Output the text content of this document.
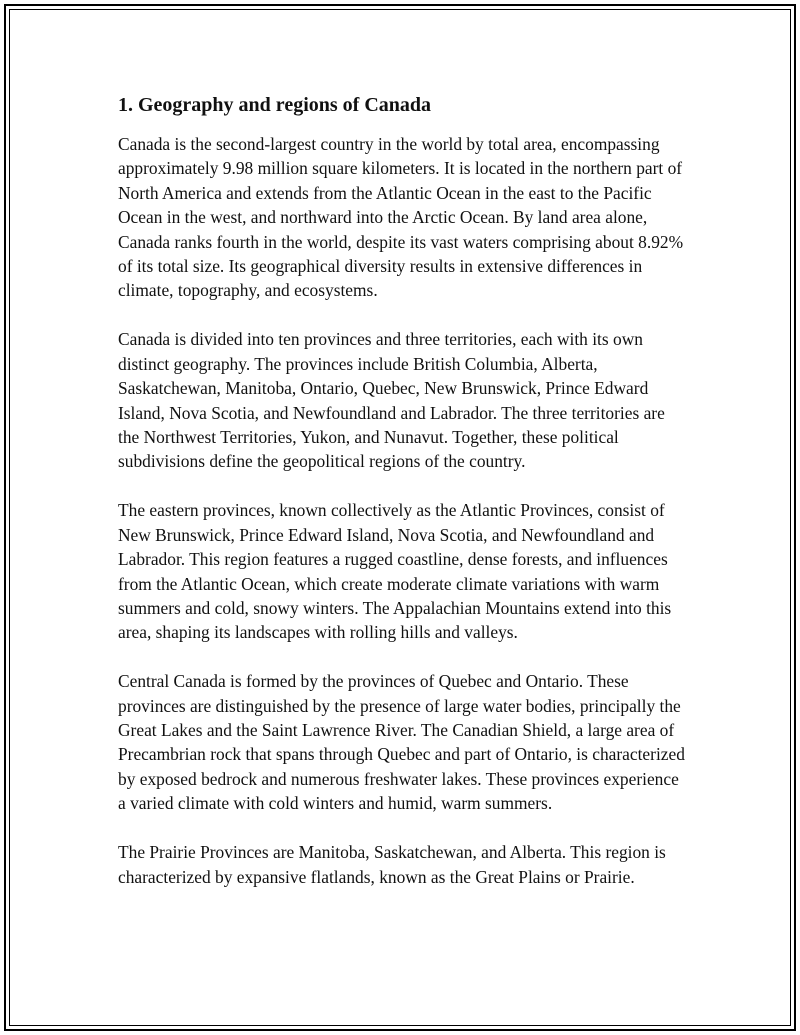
1. Geography and regions of Canada

Canada is the second-largest country in the world by total area, encompassing approximately 9.98 million square kilometers. It is located in the northern part of North America and extends from the Atlantic Ocean in the east to the Pacific Ocean in the west, and northward into the Arctic Ocean. By land area alone, Canada ranks fourth in the world, despite its vast waters comprising about 8.92% of its total size. Its geographical diversity results in extensive differences in climate, topography, and ecosystems.

Canada is divided into ten provinces and three territories, each with its own distinct geography. The provinces include British Columbia, Alberta, Saskatchewan, Manitoba, Ontario, Quebec, New Brunswick, Prince Edward Island, Nova Scotia, and Newfoundland and Labrador. The three territories are the Northwest Territories, Yukon, and Nunavut. Together, these political subdivisions define the geopolitical regions of the country.

The eastern provinces, known collectively as the Atlantic Provinces, consist of New Brunswick, Prince Edward Island, Nova Scotia, and Newfoundland and Labrador. This region features a rugged coastline, dense forests, and influences from the Atlantic Ocean, which create moderate climate variations with warm summers and cold, snowy winters. The Appalachian Mountains extend into this area, shaping its landscapes with rolling hills and valleys.

Central Canada is formed by the provinces of Quebec and Ontario. These provinces are distinguished by the presence of large water bodies, principally the Great Lakes and the Saint Lawrence River. The Canadian Shield, a large area of Precambrian rock that spans through Quebec and part of Ontario, is characterized by exposed bedrock and numerous freshwater lakes. These provinces experience a varied climate with cold winters and humid, warm summers.

The Prairie Provinces are Manitoba, Saskatchewan, and Alberta. This region is characterized by expansive flatlands, known as the Great Plains or Prairie.
